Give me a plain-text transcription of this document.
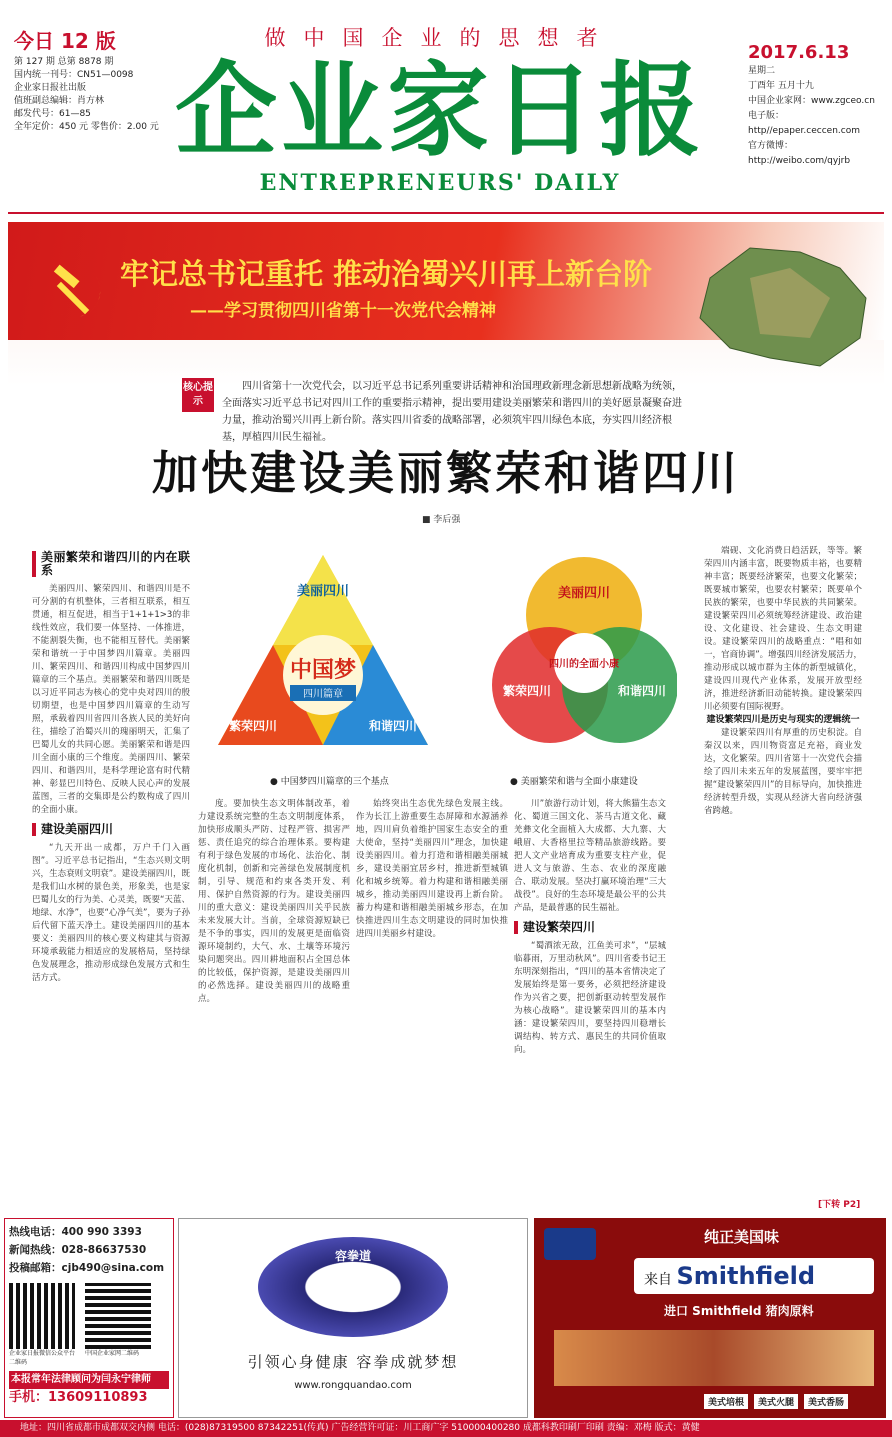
今日 12 版
第 127 期 总第 8878 期
国内统一刊号：CN51—0098
企业家日报社出版
值班副总编辑：肖方林
邮发代号：61—85
全年定价：450 元 零售价：2.00 元
做中国企业的思想者
企业家日报
ENTREPRENEURS' DAILY
2017.6.13
星期二
丁酉年 五月十九
中国企业家网：www.zgceo.cn
电子版：http//epaper.ceccen.com
官方微博：http://weibo.com/qyjrb
牢记总书记重托 推动治蜀兴川再上新台阶
——学习贯彻四川省第十一次党代会精神
核心提示
四川省第十一次党代会，以习近平总书记系列重要讲话精神和治国理政新理念新思想新战略为统领，全面落实习近平总书记对四川工作的重要指示精神，提出要用建设美丽繁荣和谐四川的美好愿景凝聚奋进力量，推动治蜀兴川再上新台阶。落实四川省委的战略部署，必须筑牢四川绿色本底，夯实四川经济根基，厚植四川民生福祉。
加快建设美丽繁荣和谐四川
■ 李后强
美丽繁荣和谐四川的内在联系

美丽四川、繁荣四川、和谐四川是不可分割的有机整体，三者相互联系，相互贯通，相互促进，相当于1+1+1>3的非线性效应，我们要一体坚持、一体推进，不能割裂失衡，也不能相互替代。美丽繁荣和谐统一于中国梦四川篇章。美丽四川、繁荣四川、和谐四川构成中国梦四川篇章的三个基点。美丽繁荣和谐四川既是以习近平同志为核心的党中央对四川的殷切期望，也是中国梦四川篇章的生动写照，承载着四川省四川各族人民的美好向往，描绘了治蜀兴川的瑰丽明天，汇集了巴蜀儿女的共同心愿。美丽繁荣和谐是四川全面小康的三个维度。美丽四川、繁荣四川、和谐四川，是科学理论富有时代精神、彰显巴川特色、反映人民心声的发展蓝图，三者的交集即是公约数构成了四川的全面小康。

建设美丽四川

“九天开出一成都，万户千门入画图”。习近平总书记指出，“生态兴则文明兴，生态衰则文明衰”。建设美丽四川，既是我们山水树的景色美，形象美，也是家巴蜀儿女的行为美、心灵美，既要“天蓝、地绿、水净”，也要“心净气美”，要为子孙后代留下蓝天净土。建设美丽四川的基本要义：美丽四川的核心要义构建其与资源环境承载能力相适应的发展格局，坚持绿色发展理念，推动形成绿色发展方式和生活方式。

美丽四川
繁荣四川	和谐四川
中国梦
四川篇章
● 中国梦四川篇章的三个基点
美丽四川
繁荣四川	和谐四川
四川的全面小康
● 美丽繁荣和谐与全面小康建设

度。要加快生态文明体制改革，着力建设系统完整的生态文明制度体系，加快形成顺头严防、过程严管、损害严惩、责任追究的综合治理体系。要构建有利于绿色发展的市场化、法治化、制度化机制，创新和完善绿色发展制度机制，引导、规范和约束各类开发、利用、保护自然资源的行为。建设美丽四川的重大意义：建设美丽四川关乎民族未来发展大计。当前，全球资源短缺已是不争的事实，四川的发展更是面临资源环境制约，大气、水、土壤等环境污染问题突出。四川耕地面积占全国总体的比较低，保护资源，是建设美丽四川的必然选择。建设美丽四川的战略重点。

始终突出生态优先绿色发展主线。作为长江上游重要生态屏障和水源涵养地，四川肩负着维护国家生态安全的重大使命，坚持“美丽四川”理念，加快建设美丽四川。着力打造和谐相融美丽城乡，建设美丽宜居乡村，推进新型城镇化和城乡统筹。着力构建和谐相融美丽城乡，推动美丽四川建设再上新台阶。蓄力构建和谐相融美丽城乡形态，在加快推进四川生态文明建设的同时加快推进四川美丽乡村建设。

川”旅游行动计划，将大熊猫生态文化、蜀道三国文化、茶马古道文化、藏羌彝文化全面植入大成都、大九寨、大峨眉、大香格里拉等精品旅游线路。要把人文产业培育成为重要支柱产业，促进人文与旅游、生态、农业的深度融合、联动发展。坚决打赢环境治理“三大战役”。良好的生态环境是最公平的公共产品，是最普惠的民生福祉。

建设繁荣四川

“蜀酒浓无敌，江鱼美可求”，“层城临暮雨，万里动秋风”。四川省委书记王东明深刻指出，“四川的基本省情决定了发展始终是第一要务，必须把经济建设作为兴省之要，把创新驱动转型发展作为核心战略”。建设繁荣四川的基本内涵：建设繁荣四川，要坚持四川稳增长调结构、转方式、惠民生的共同价值取向。

端砚、文化消费日趋活跃，等等。繁荣四川内涵丰富，既要物质丰裕，也要精神丰富；既要经济繁荣，也要文化繁荣；既要城市繁荣，也要农村繁荣；既要单个民族的繁荣，也要中华民族的共同繁荣。建设繁荣四川必须统筹经济建设、政治建设、文化建设、社会建设、生态文明建设。建设繁荣四川的战略重点：“唱和如一，官商协调”。增强四川经济发展活力，推动形成以城市群为主体的新型城镇化，建设四川现代产业体系，发展开放型经济，推进经济新旧动能转换。建设繁荣四川必须要有国际视野。

建设繁荣四川是历史与现实的逻辑统一

建设繁荣四川有厚重的历史积淀。自秦汉以来，四川物资富足充裕，商业发达，文化繁荣。四川省第十一次党代会描绘了四川未来五年的发展蓝图，要牢牢把握“建设繁荣四川”的目标导向，加快推进经济转型升级，实现从经济大省向经济强省跨越。

[下转 P2]
热线电话：400 990 3393
新闻热线：028-86637530
投稿邮箱：cjb490@sina.com
企业家日报微信公众平台二维码
中国企业家网二维码
本报常年法律顾问为闫永宁律师
手机：13609110893
容拳道
引领心身健康 容拳成就梦想
www.rongquandao.com
纯正美国味
来自 Smithfield
进口 Smithfield 猪肉原料
美式培根	美式火腿	美式香肠
地址：四川省成都市成都双交内侧 电话：(028)87319500 87342251(传真) 广告经营许可证：川工商广字 510000400280 成都科教印刷厂印刷 责编：邓梅 版式：黄健
